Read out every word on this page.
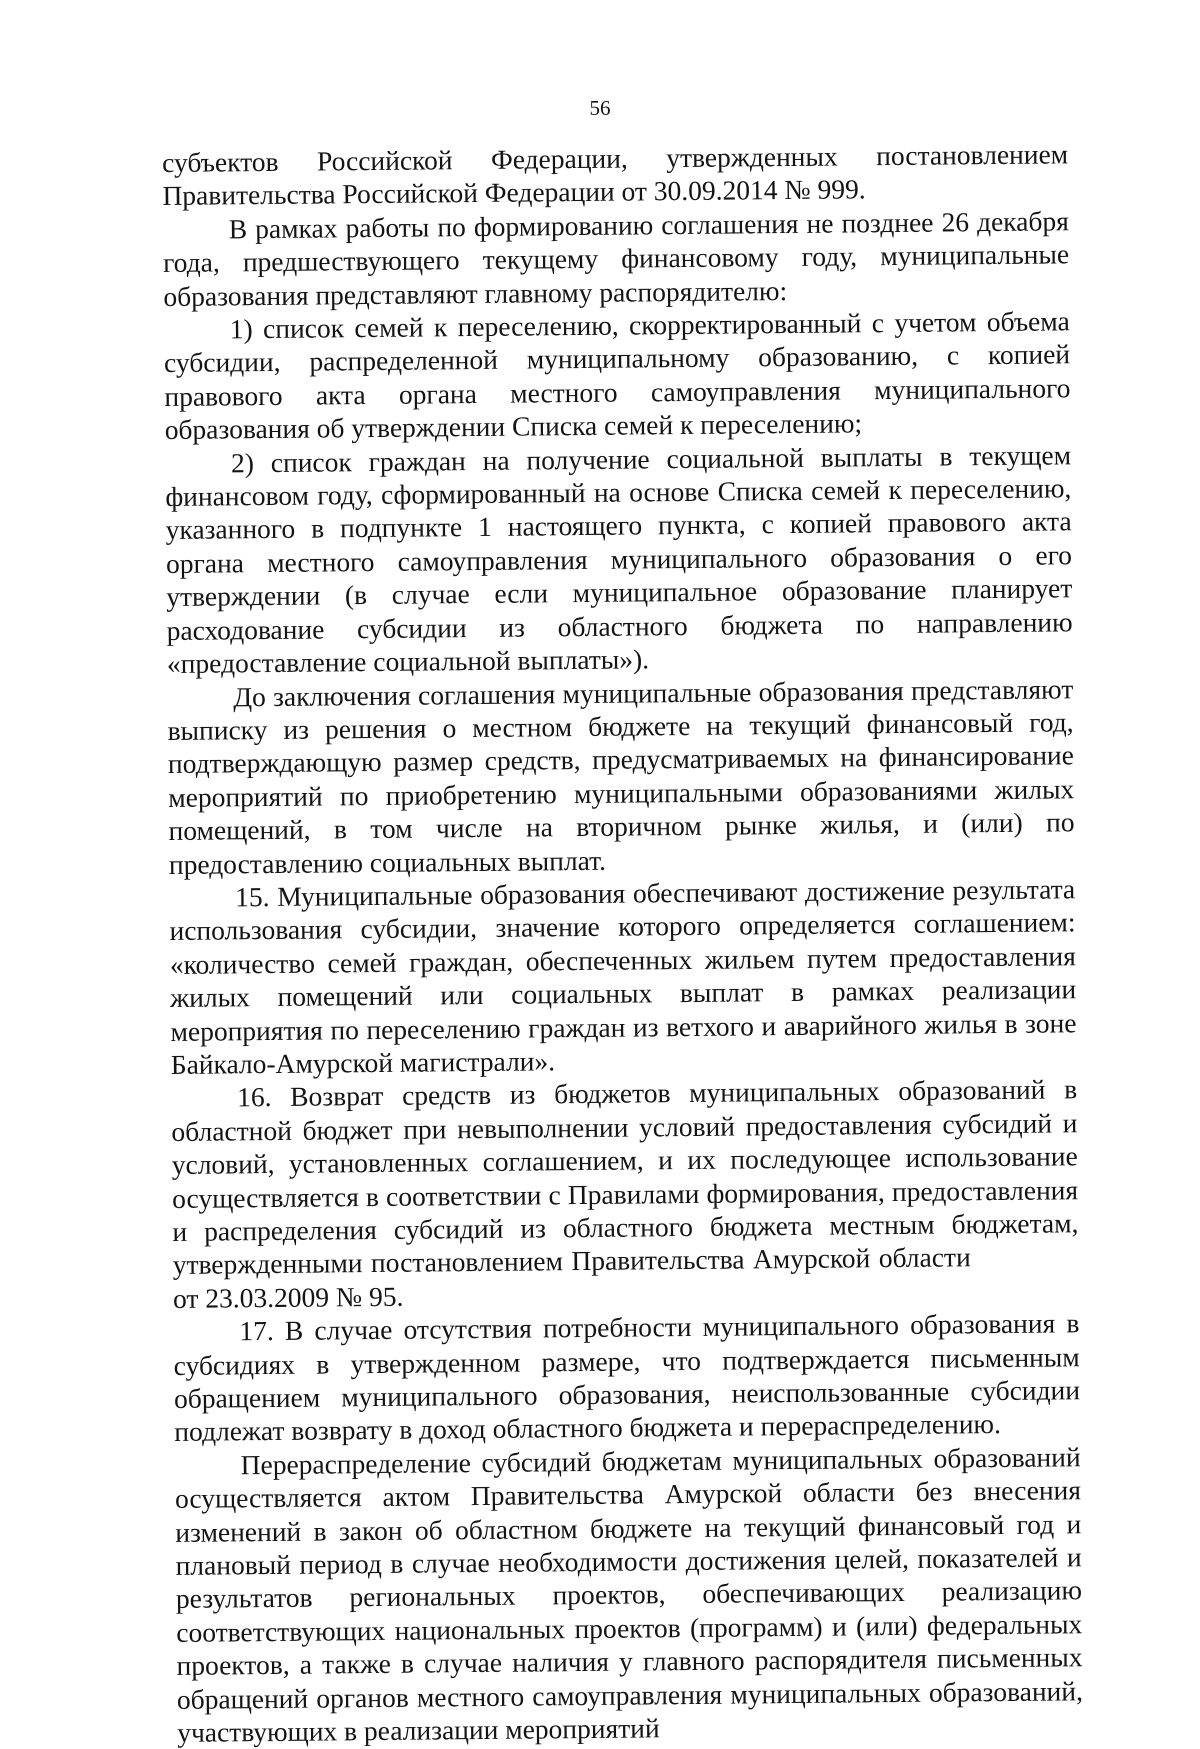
56

субъектов Российской Федерации, утвержденных постановлением Правительства Российской Федерации от 30.09.2014 № 999.

В рамках работы по формированию соглашения не позднее 26 декабря года, предшествующего текущему финансовому году, муниципальные образования представляют главному распорядителю:

1) список семей к переселению, скорректированный с учетом объема субсидии, распределенной муниципальному образованию, с копией правового акта органа местного самоуправления муниципального образования об утверждении Списка семей к переселению;

2) список граждан на получение социальной выплаты в текущем финансовом году, сформированный на основе Списка семей к переселению, указанного в подпункте 1 настоящего пункта, с копией правового акта органа местного самоуправления муниципального образования о его утверждении (в случае если муниципальное образование планирует расходование субсидии из областного бюджета по направлению «предоставление социальной выплаты»).

До заключения соглашения муниципальные образования представляют выписку из решения о местном бюджете на текущий финансовый год, подтверждающую размер средств, предусматриваемых на финансирование мероприятий по приобретению муниципальными образованиями жилых помещений, в том числе на вторичном рынке жилья, и (или) по предоставлению социальных выплат.

15. Муниципальные образования обеспечивают достижение результата использования субсидии, значение которого определяется соглашением: «количество семей граждан, обеспеченных жильем путем предоставления жилых помещений или социальных выплат в рамках реализации мероприятия по переселению граждан из ветхого и аварийного жилья в зоне Байкало-Амурской магистрали».

16. Возврат средств из бюджетов муниципальных образований в областной бюджет при невыполнении условий предоставления субсидий и условий, установленных соглашением, и их последующее использование осуществляется в соответствии с Правилами формирования, предоставления и распределения субсидий из областного бюджета местным бюджетам, утвержденными постановлением Правительства Амурской областиот 23.03.2009 № 95.

17. В случае отсутствия потребности муниципального образования в субсидиях в утвержденном размере, что подтверждается письменным обращением муниципального образования, неиспользованные субсидии подлежат возврату в доход областного бюджета и перераспределению.

Перераспределение субсидий бюджетам муниципальных образований осуществляется актом Правительства Амурской области без внесения изменений в закон об областном бюджете на текущий финансовый год и плановый период в случае необходимости достижения целей, показателей и результатов региональных проектов, обеспечивающих реализацию соответствующих национальных проектов (программ) и (или) федеральных проектов, а также в случае наличия у главного распорядителя письменных обращений органов местного самоуправления муниципальных образований, участвующих в реализации мероприятий
